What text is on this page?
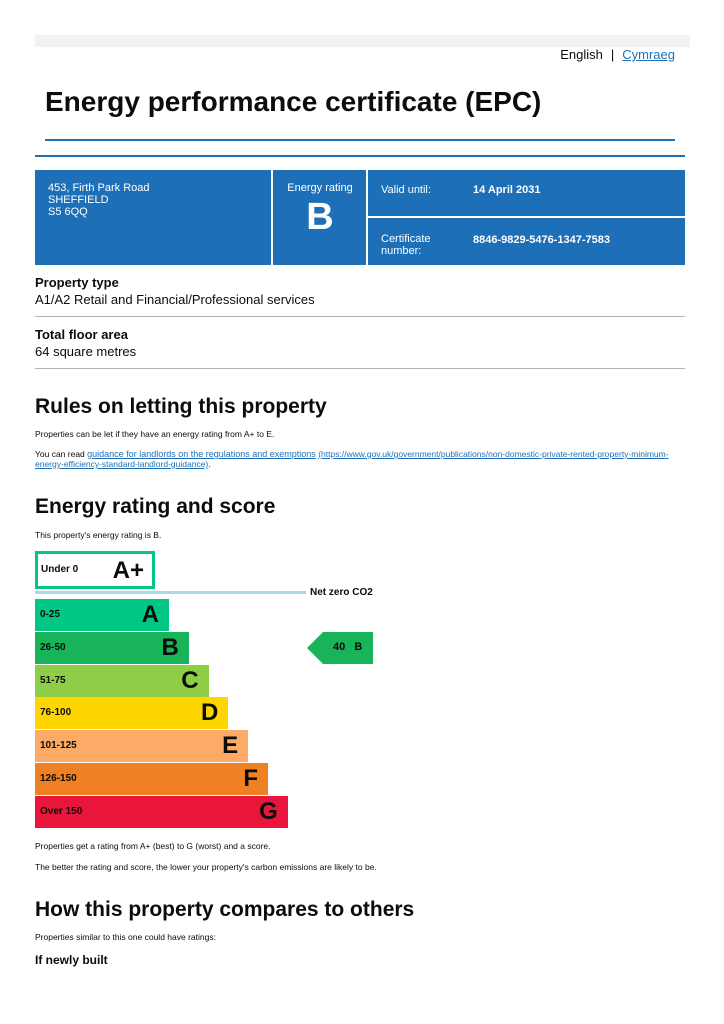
English | Cymraeg
Energy performance certificate (EPC)
453, Firth Park Road
SHEFFIELD
S5 6QQ
Energy rating
B
Valid until:	14 April 2031
Certificate number:
8846-9829-5476-1347-7583
Property type
A1/A2 Retail and Financial/Professional services
Total floor area
64 square metres
Rules on letting this property
Properties can be let if they have an energy rating from A+ to E.
You can read guidance for landlords on the regulations and exemptions (https://www.gov.uk/government/publications/non-domestic-private-rented-property-minimum-energy-efficiency-standard-landlord-guidance).
Energy rating and score
This property's energy rating is B.
Under 0 A+
Net zero CO2
0-25	A
26-50	B
51-75	C
76-100	D
101-125	E
126-150	F
Over 150	G
40 B
Properties get a rating from A+ (best) to G (worst) and a score.
The better the rating and score, the lower your property's carbon emissions are likely to be.
How this property compares to others
Properties similar to this one could have ratings:
If newly built
